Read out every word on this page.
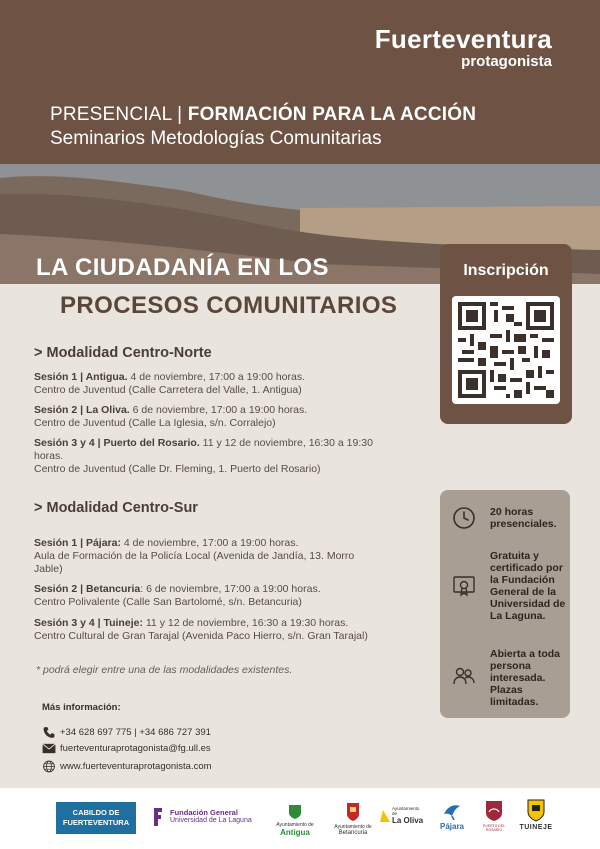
Fuerteventura
protagonista
PRESENCIAL | FORMACIÓN PARA LA ACCIÓN
Seminarios Metodologías Comunitarias
LA CIUDADANÍA EN LOS
PROCESOS COMUNITARIOS
Inscripción
> Modalidad Centro-Norte
Sesión 1 | Antigua. 4 de noviembre, 17:00 a 19:00 horas.
Centro de Juventud (Calle Carretera del Valle, 1. Antigua)
Sesión 2 | La Oliva. 6 de noviembre, 17:00 a 19:00 horas.
Centro de Juventud (Calle La Iglesia, s/n. Corralejo)
Sesión 3 y 4 | Puerto del Rosario. 11 y 12 de noviembre, 16:30 a 19:30 horas.
Centro de Juventud (Calle Dr. Fleming, 1. Puerto del Rosario)
> Modalidad Centro-Sur
Sesión 1 | Pájara: 4 de noviembre, 17:00 a 19:00 horas.
Aula de Formación de la Policía Local (Avenida de Jandía, 13. Morro Jable)
Sesión 2 | Betancuria: 6 de noviembre, 17:00 a 19:00 horas.
Centro Polivalente (Calle San Bartolomé, s/n. Betancuria)
Sesión 3 y 4 | Tuineje: 11 y 12 de noviembre, 16:30 a 19:30 horas.
Centro Cultural de Gran Tarajal (Avenida Paco Hierro, s/n. Gran Tarajal)
* podrá elegir entre una de las modalidades existentes.
20 horas presenciales.
Gratuita y certificado por la Fundación General de la Universidad de La Laguna.
Abierta a toda persona interesada. Plazas limitadas.
Más información:
+34 628 697 775 | +34 686 727 391
fuerteventuraprotagonista@fg.ull.es
www.fuerteventuraprotagonista.com
CABILDO DE FUERTEVENTURA
Fundación General
Universidad de La Laguna
Ayuntamiento de
Antigua
Ayuntamiento de
Betancuria
Ayuntamiento de
La Oliva
Pájara	PUERTO DEL ROSARIO	TUINEJE
